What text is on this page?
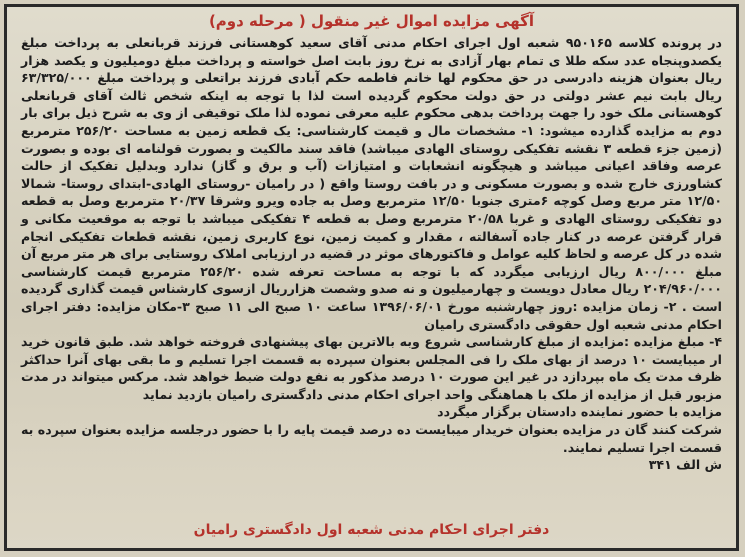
آگهی مزایده اموال غیر منقول ( مرحله دوم)

در پرونده کلاسه ۹۵۰۱۶۵ شعبه اول اجرای احکام مدنی آقای سعید کوهستانی فرزند قربانعلی به پرداخت مبلغ یکصدوپنجاه عدد سکه طلا ی تمام بهار آزادی به نرخ روز بابت اصل خواسته و پرداخت مبلغ دومیلیون و یکصد هزار ریال بعنوان هزینه دادرسی در حق محکوم لها خانم فاطمه حکم آبادی فرزند براتعلی و پرداخت مبلغ ۶۳/۳۲۵/۰۰۰ ریال بابت نیم عشر دولتی در حق دولت محکوم گردیده است لذا با توجه به اینکه شخص ثالث آقای قربانعلی کوهستانی ملک خود را جهت پرداخت بدهی محکوم علیه معرفی نموده لذا ملک توقیفی از وی به شرح ذیل برای بار دوم به مزایده گذارده میشود: ۱- مشخصات مال و قیمت کارشناسی: یک قطعه زمین به مساحت ۲۵۶/۲۰ مترمربع (زمین جزء قطعه ۳ نقشه تفکیکی روستای الهادی میباشد) فاقد سند مالکیت و بصورت قولنامه ای بوده و بصورت عرصه وفاقد اعیانی میباشد و هیچگونه انشعابات و امتیازات (آب و برق و گاز) ندارد وبدلیل تفکیک از حالت کشاورزی خارج شده و بصورت مسکونی و در بافت روستا واقع ( در رامیان -روستای الهادی-ابتدای روستا- شمالا ۱۲/۵۰ متر مربع وصل کوچه ۶متری جنوبا ۱۲/۵۰ مترمربع وصل به جاده ویرو وشرقا ۲۰/۳۷ مترمربع وصل به قطعه دو تفکیکی روستای الهادی و غربا ۲۰/۵۸ مترمربع وصل به قطعه ۴ تفکیکی میباشد با توجه به موقعیت مکانی و قرار گرفتن عرصه در کنار جاده آسفالته ، مقدار و کمیت زمین، نوع کاربری زمین، نقشه قطعات تفکیکی انجام شده در کل عرصه و لحاظ کلیه عوامل و فاکتورهای موثر در قضیه در ارزیابی املاک روستایی برای هر متر مربع آن مبلغ ۸۰۰/۰۰۰ ریال ارزیابی میگردد که با توجه به مساحت تعرفه شده ۲۵۶/۲۰ مترمربع قیمت کارشناسی ۲۰۴/۹۶۰/۰۰۰ ریال معادل دویست و چهارمیلیون و نه صدو وشصت هزارریال ازسوی کارشناس قیمت گذاری گردیده است . ۲- زمان مزایده :روز چهارشنبه مورخ ۱۳۹۶/۰۶/۰۱ ساعت ۱۰ صبح الی ۱۱ صبح ۳-مکان مزایده: دفتر اجرای احکام مدنی شعبه اول حقوقی دادگستری رامیان

۴- مبلغ مزایده :مزایده از مبلغ کارشناسی شروع وبه بالاترین بهای پیشنهادی فروخته خواهد شد. طبق قانون خرید ار میبایست ۱۰ درصد از بهای ملک را فی المجلس بعنوان سپرده به قسمت اجرا تسلیم و ما بقی بهای آنرا حداکثر ظرف مدت یک ماه بپردازد در غیر این صورت ۱۰ درصد مذکور به نفع دولت ضبط خواهد شد. مرکس میتواند در مدت مزبور قبل از مزایده از ملک با هماهنگی واحد اجرای احکام مدنی دادگستری رامیان بازدید نماید

مزایده با حضور نماینده دادستان برگزار میگردد

شرکت کنند گان در مزایده بعنوان خریدار میبایست ده درصد قیمت پایه را با حضور درجلسه مزایده بعنوان سپرده به قسمت اجرا تسلیم نمایند.

ش الف ۳۴۱

دفتر اجرای احکام مدنی شعبه اول دادگستری رامیان
